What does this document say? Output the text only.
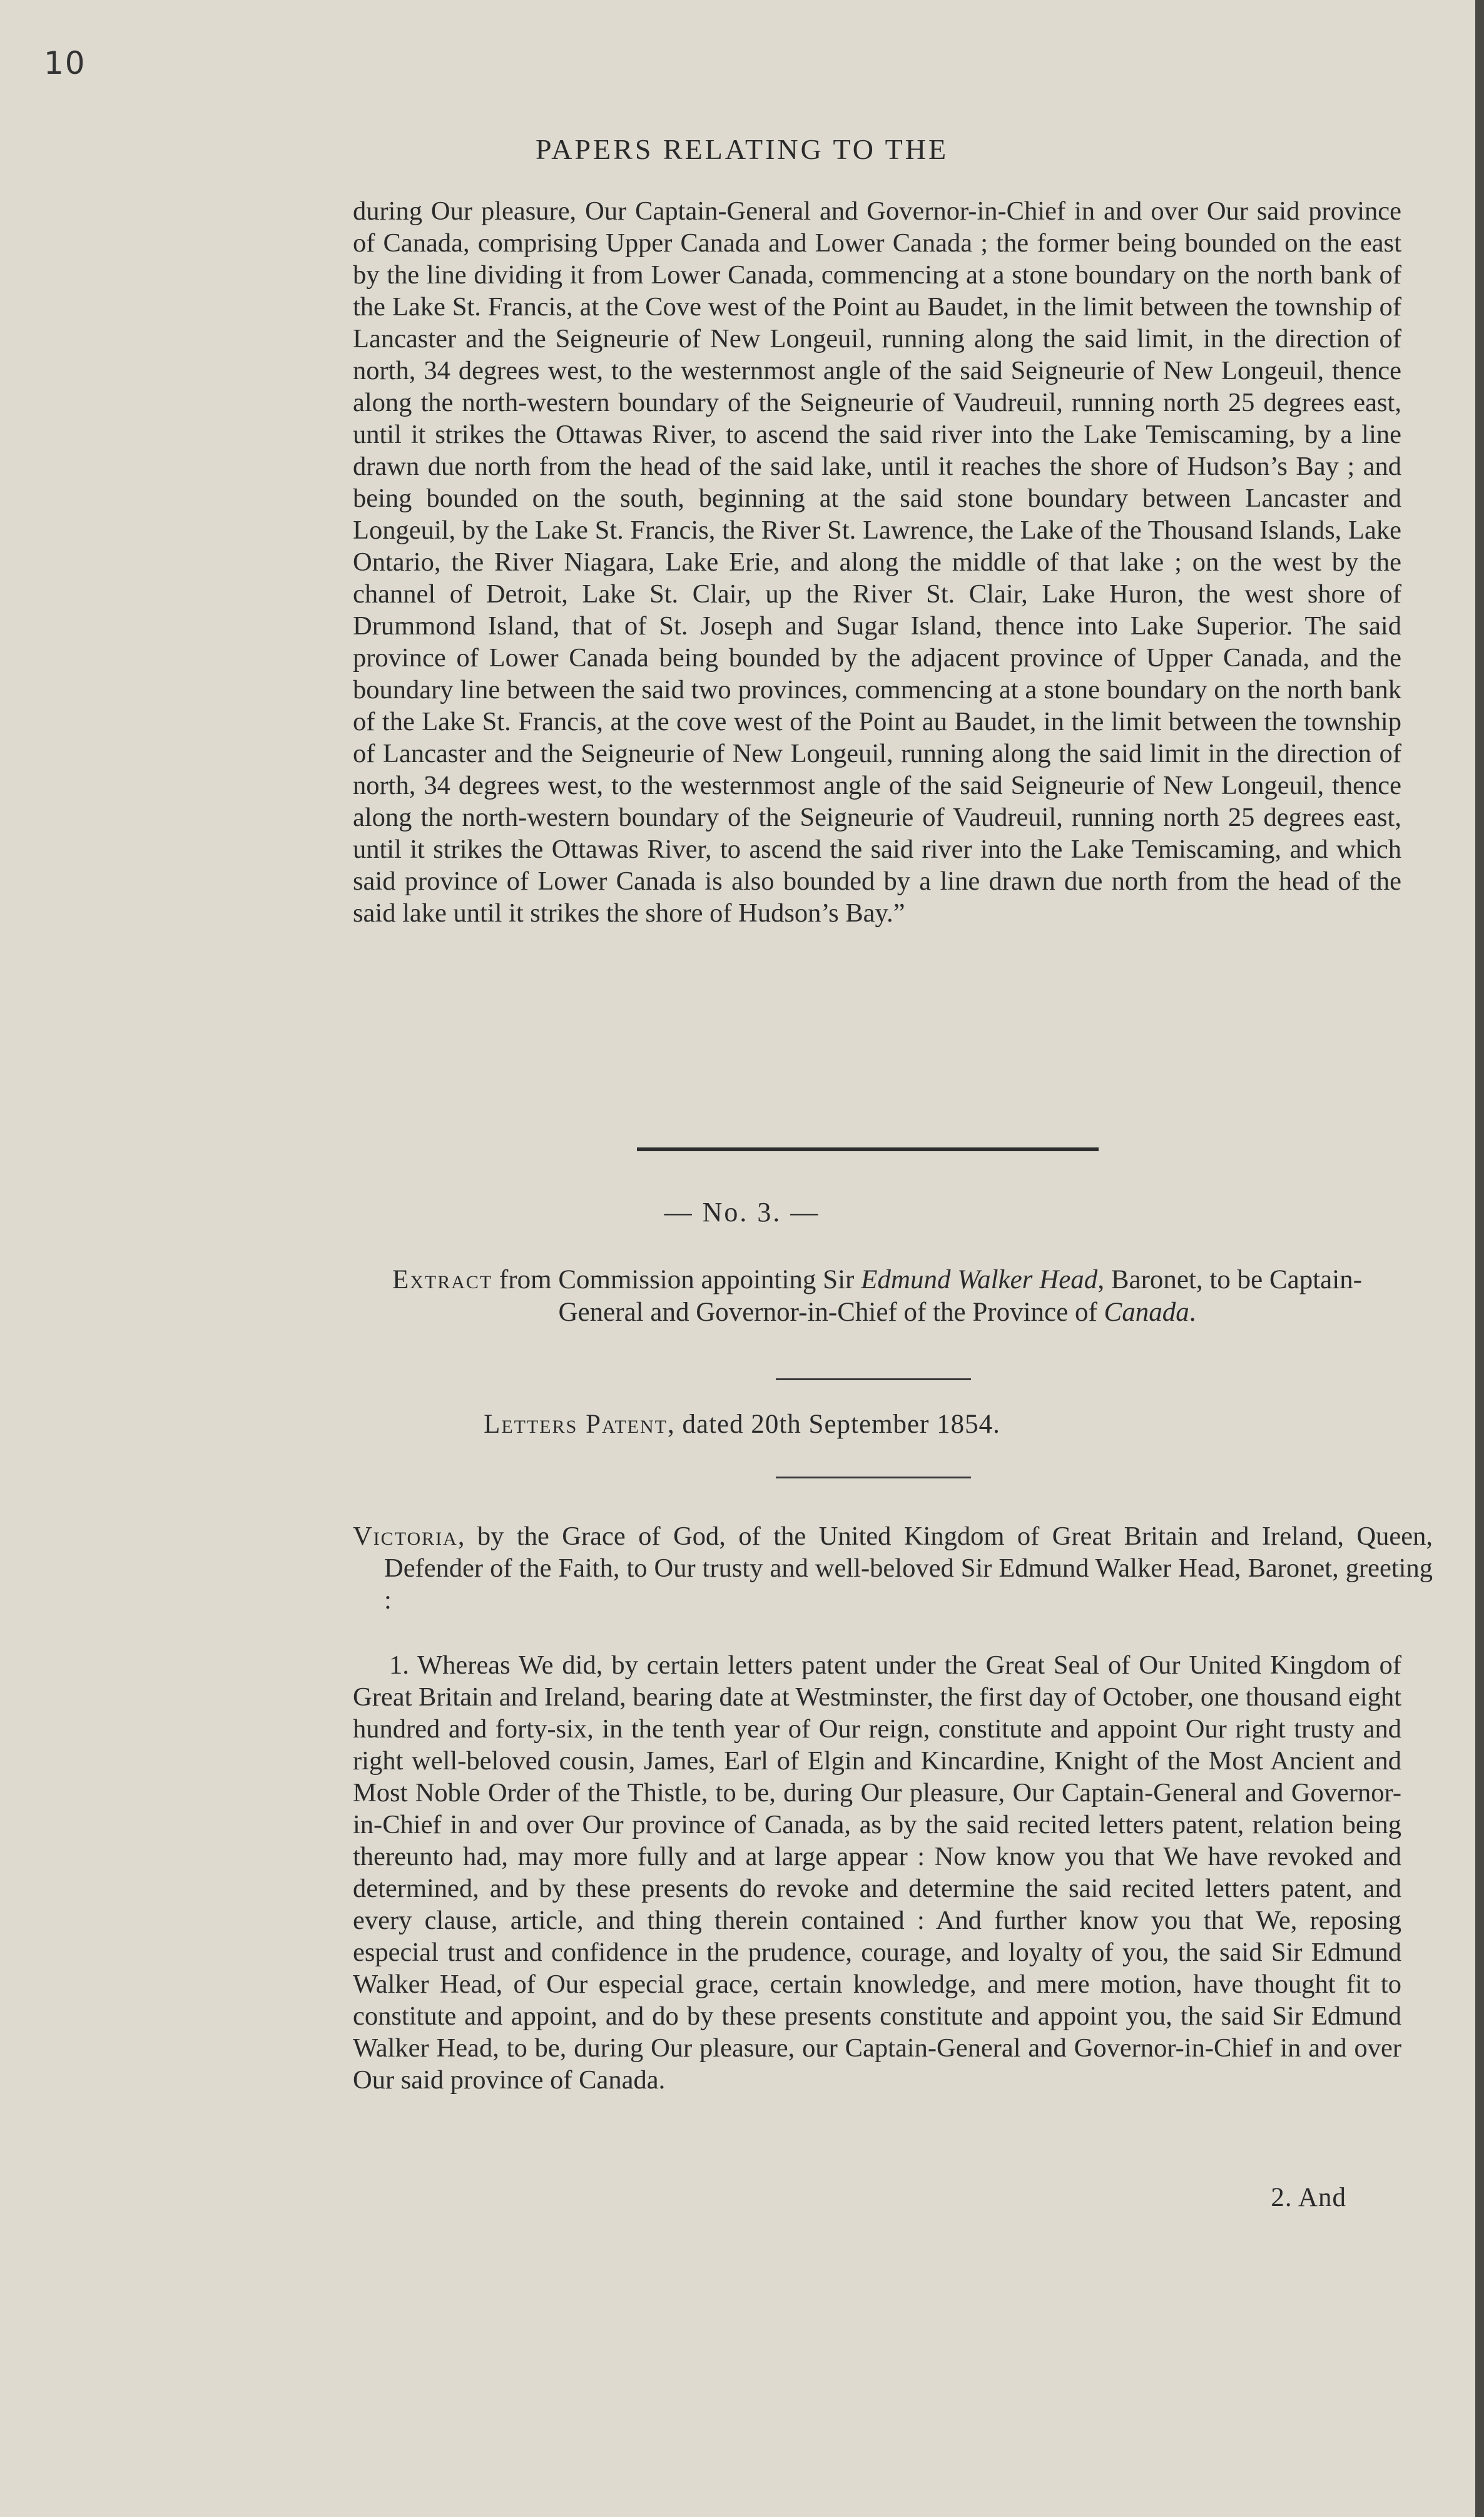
10
PAPERS RELATING TO THE

during Our pleasure, Our Captain-General and Governor-in-Chief in and over Our said province of Canada, comprising Upper Canada and Lower Canada ; the former being bounded on the east by the line dividing it from Lower Canada, commencing at a stone boundary on the north bank of the Lake St. Francis, at the Cove west of the Point au Baudet, in the limit between the township of Lancaster and the Seigneurie of New Longeuil, running along the said limit, in the direction of north, 34 degrees west, to the westernmost angle of the said Seigneurie of New Longeuil, thence along the north-western boundary of the Seigneurie of Vaudreuil, running north 25 degrees east, until it strikes the Ottawas River, to ascend the said river into the Lake Temiscaming, by a line drawn due north from the head of the said lake, until it reaches the shore of Hudson’s Bay ; and being bounded on the south, beginning at the said stone boundary between Lancaster and Longeuil, by the Lake St. Francis, the River St. Lawrence, the Lake of the Thousand Islands, Lake Ontario, the River Niagara, Lake Erie, and along the middle of that lake ; on the west by the channel of Detroit, Lake St. Clair, up the River St. Clair, Lake Huron, the west shore of Drummond Island, that of St. Joseph and Sugar Island, thence into Lake Superior. The said province of Lower Canada being bounded by the adjacent province of Upper Canada, and the boundary line between the said two provinces, commencing at a stone boundary on the north bank of the Lake St. Francis, at the cove west of the Point au Baudet, in the limit between the township of Lancaster and the Seigneurie of New Longeuil, running along the said limit in the direction of north, 34 degrees west, to the westernmost angle of the said Seigneurie of New Longeuil, thence along the north-western boundary of the Seigneurie of Vaudreuil, running north 25 degrees east, until it strikes the Ottawas River, to ascend the said river into the Lake Temiscaming, and which said province of Lower Canada is also bounded by a line drawn due north from the head of the said lake until it strikes the shore of Hudson’s Bay.”

— No. 3. —

Extract from Commission appointing Sir Edmund Walker Head, Baronet, to be Captain-General and Governor-in-Chief of the Province of Canada.

Letters Patent, dated 20th September 1854.

Victoria, by the Grace of God, of the United Kingdom of Great Britain and Ireland, Queen, Defender of the Faith, to Our trusty and well-beloved Sir Edmund Walker Head, Baronet, greeting :

1. Whereas We did, by certain letters patent under the Great Seal of Our United Kingdom of Great Britain and Ireland, bearing date at Westminster, the first day of October, one thousand eight hundred and forty-six, in the tenth year of Our reign, constitute and appoint Our right trusty and right well-beloved cousin, James, Earl of Elgin and Kincardine, Knight of the Most Ancient and Most Noble Order of the Thistle, to be, during Our pleasure, Our Captain-General and Governor-in-Chief in and over Our province of Canada, as by the said recited letters patent, relation being thereunto had, may more fully and at large appear : Now know you that We have revoked and determined, and by these presents do revoke and determine the said recited letters patent, and every clause, article, and thing therein contained : And further know you that We, reposing especial trust and confidence in the prudence, courage, and loyalty of you, the said Sir Edmund Walker Head, of Our especial grace, certain knowledge, and mere motion, have thought fit to constitute and appoint, and do by these presents constitute and appoint you, the said Sir Edmund Walker Head, to be, during Our pleasure, our Captain-General and Governor-in-Chief in and over Our said province of Canada.

2. And
